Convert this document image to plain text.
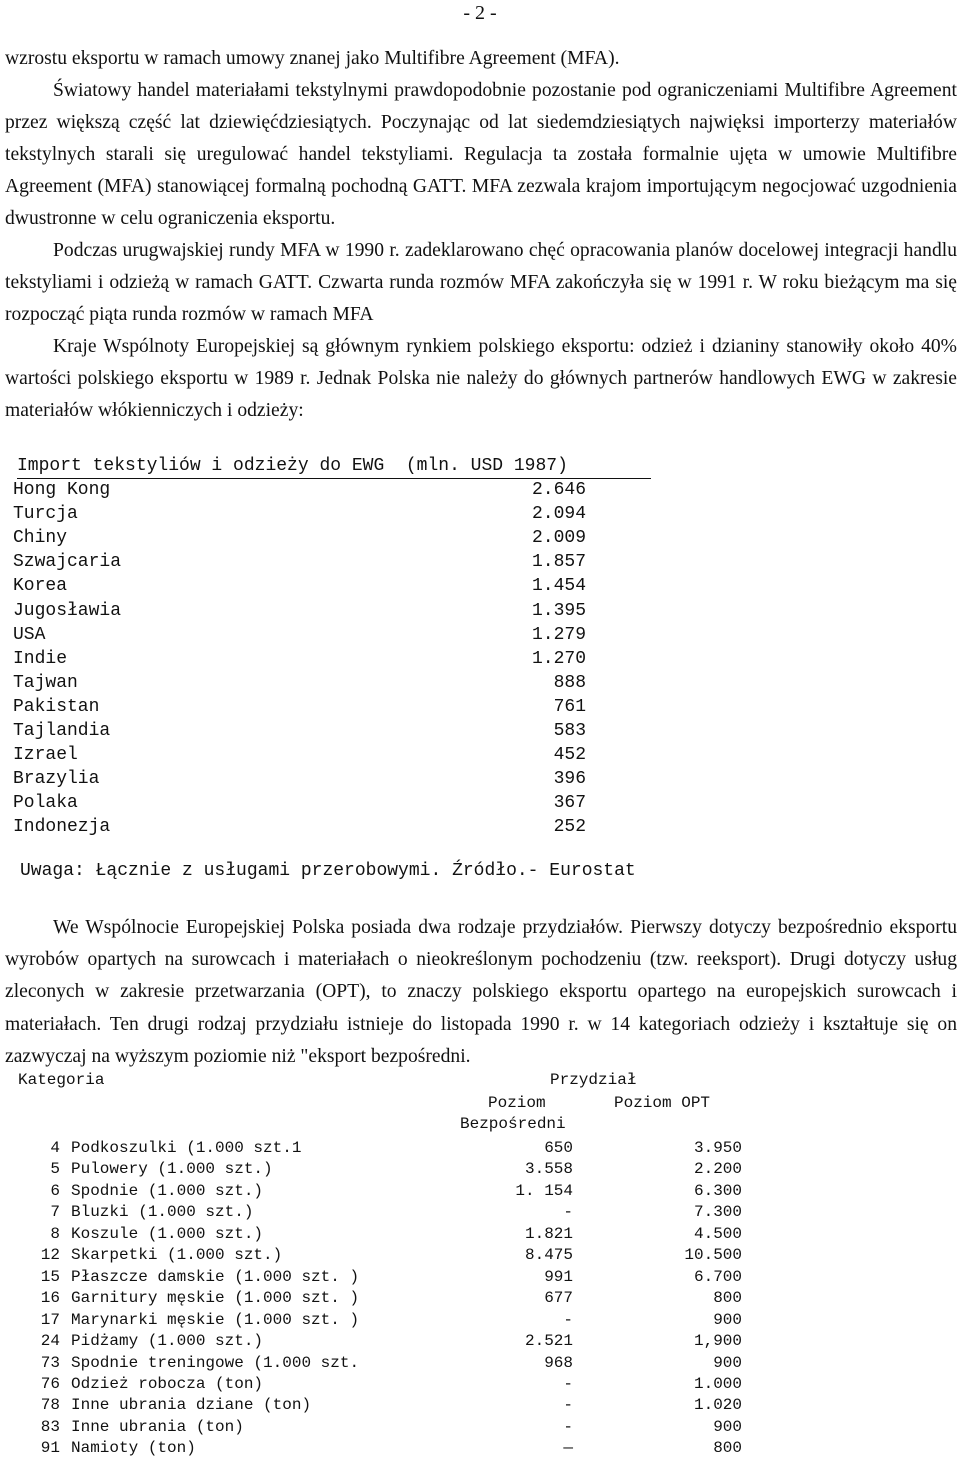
- 2 -

wzrostu eksportu w ramach umowy znanej jako Multifibre Agreement (MFA).

Światowy handel materiałami tekstylnymi prawdopodobnie pozostanie pod ograniczeniami Multifibre Agreement przez większą część lat dziewięćdziesiątych. Poczynając od lat siedemdziesiątych najwięksi importerzy materiałów tekstylnych starali się uregulować handel tekstyliami. Regulacja ta została formalnie ujęta w umowie Multifibre Agreement (MFA) stanowiącej formalną pochodną GATT. MFA zezwala krajom importującym negocjować uzgodnienia dwustronne w celu ograniczenia eksportu.

Podczas urugwajskiej rundy MFA w 1990 r. zadeklarowano chęć opracowania planów docelowej integracji handlu tekstyliami i odzieżą w ramach GATT. Czwarta runda rozmów MFA zakończyła się w 1991 r. W roku bieżącym ma się rozpocząć piąta runda rozmów w ramach MFA

Kraje Wspólnoty Europejskiej są głównym rynkiem polskiego eksportu: odzież i dzianiny stanowiły około 40% wartości polskiego eksportu w 1989 r. Jednak Polska nie należy do głównych partnerów handlowych EWG w zakresie materiałów włókienniczych i odzieży:

Import tekstyliów i odzieży do EWG  (mln. USD 1987)
Hong Kong	2.646
Turcja	2.094
Chiny	2.009
Szwajcaria	1.857
Korea	1.454
Jugosławia	1.395
USA	1.279
Indie	1.270
Tajwan	888
Pakistan	761
Tajlandia	583
Izrael	452
Brazylia	396
Polaka	367
Indonezja	252
Uwaga: Łącznie z usługami przerobowymi. Źródło.- Eurostat

We Wspólnocie Europejskiej Polska posiada dwa rodzaje przydziałów. Pierwszy dotyczy bezpośrednio eksportu wyrobów opartych na surowcach i materiałach o nieokreślonym pochodzeniu (tzw. reeksport). Drugi dotyczy usług zleconych w zakresie przetwarzania (OPT), to znaczy polskiego eksportu opartego na europejskich surowcach i materiałach. Ten drugi rodzaj przydziału istnieje do listopada 1990 r. w 14 kategoriach odzieży i kształtuje się on zazwyczaj na wyższym poziomie niż "eksport bezpośredni.

Kategoria	Przydział
Poziom	Poziom OPT
Bezpośredni
4 Podkoszulki (1.000 szt.1	650	3.950
5 Pulowery (1.000 szt.)	3.558	2.200
6 Spodnie (1.000 szt.)	1. 154	6.300
7 Bluzki (1.000 szt.)	-	7.300
8 Koszule (1.000 szt.)	1.821	4.500
12 Skarpetki (1.000 szt.)	8.475	10.500
15 Płaszcze damskie (1.000 szt. )	991	6.700
16 Garnitury męskie (1.000 szt. )	677	800
17 Marynarki męskie (1.000 szt. )	-	900
24 Pidżamy (1.000 szt.)	2.521	1,900
73 Spodnie treningowe (1.000 szt.	968	900
76 Odzież robocza (ton)	-	1.000
78 Inne ubrania dziane (ton)	-	1.020
83 Inne ubrania (ton)	-	900
91 Namioty (ton)	—	800
